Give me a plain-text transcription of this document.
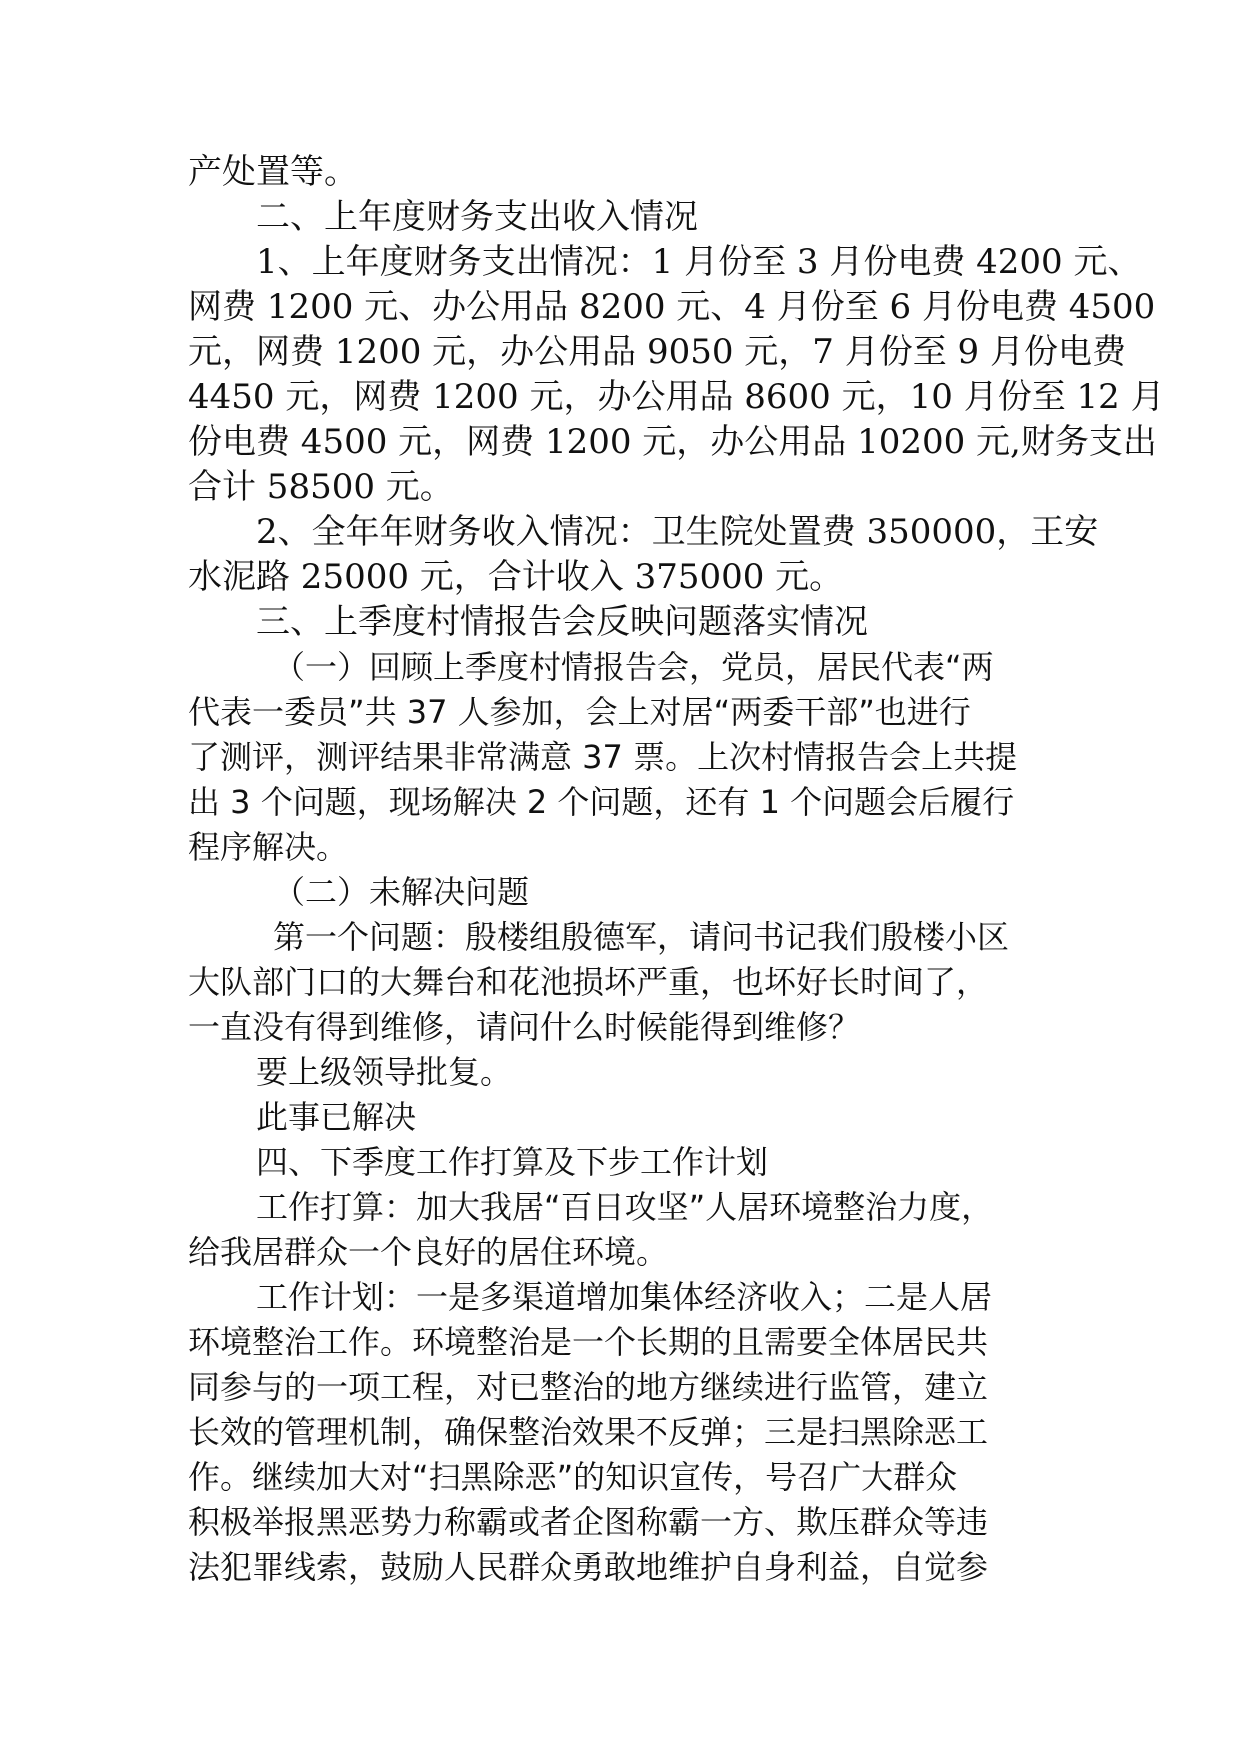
产处置等。
二、上年度财务支出收入情况
1、上年度财务支出情况：1 月份至 3 月份电费 4200 元、
网费 1200 元、办公用品 8200 元、4 月份至 6 月份电费 4500
元，网费 1200 元，办公用品 9050 元，7 月份至 9 月份电费
4450 元，网费 1200 元，办公用品 8600 元，10 月份至 12 月
份电费 4500 元，网费 1200 元，办公用品 10200 元,财务支出
合计 58500 元。
2、全年年财务收入情况：卫生院处置费 350000，王安
水泥路 25000 元，合计收入 375000 元。
三、上季度村情报告会反映问题落实情况
（一）回顾上季度村情报告会，党员，居民代表“两
代表一委员”共 37 人参加，会上对居“两委干部”也进行
了测评，测评结果非常满意 37 票。上次村情报告会上共提
出 3 个问题，现场解决 2 个问题，还有 1 个问题会后履行
程序解决。
（二）未解决问题
第一个问题：殷楼组殷德军，请问书记我们殷楼小区
大队部门口的大舞台和花池损坏严重，也坏好长时间了，
一直没有得到维修，请问什么时候能得到维修？
要上级领导批复。
此事已解决
四、下季度工作打算及下步工作计划
工作打算：加大我居“百日攻坚”人居环境整治力度，
给我居群众一个良好的居住环境。
工作计划：一是多渠道增加集体经济收入；二是人居
环境整治工作。环境整治是一个长期的且需要全体居民共
同参与的一项工程，对已整治的地方继续进行监管，建立
长效的管理机制，确保整治效果不反弹；三是扫黑除恶工
作。继续加大对“扫黑除恶”的知识宣传，号召广大群众
积极举报黑恶势力称霸或者企图称霸一方、欺压群众等违
法犯罪线索，鼓励人民群众勇敢地维护自身利益，自觉参
